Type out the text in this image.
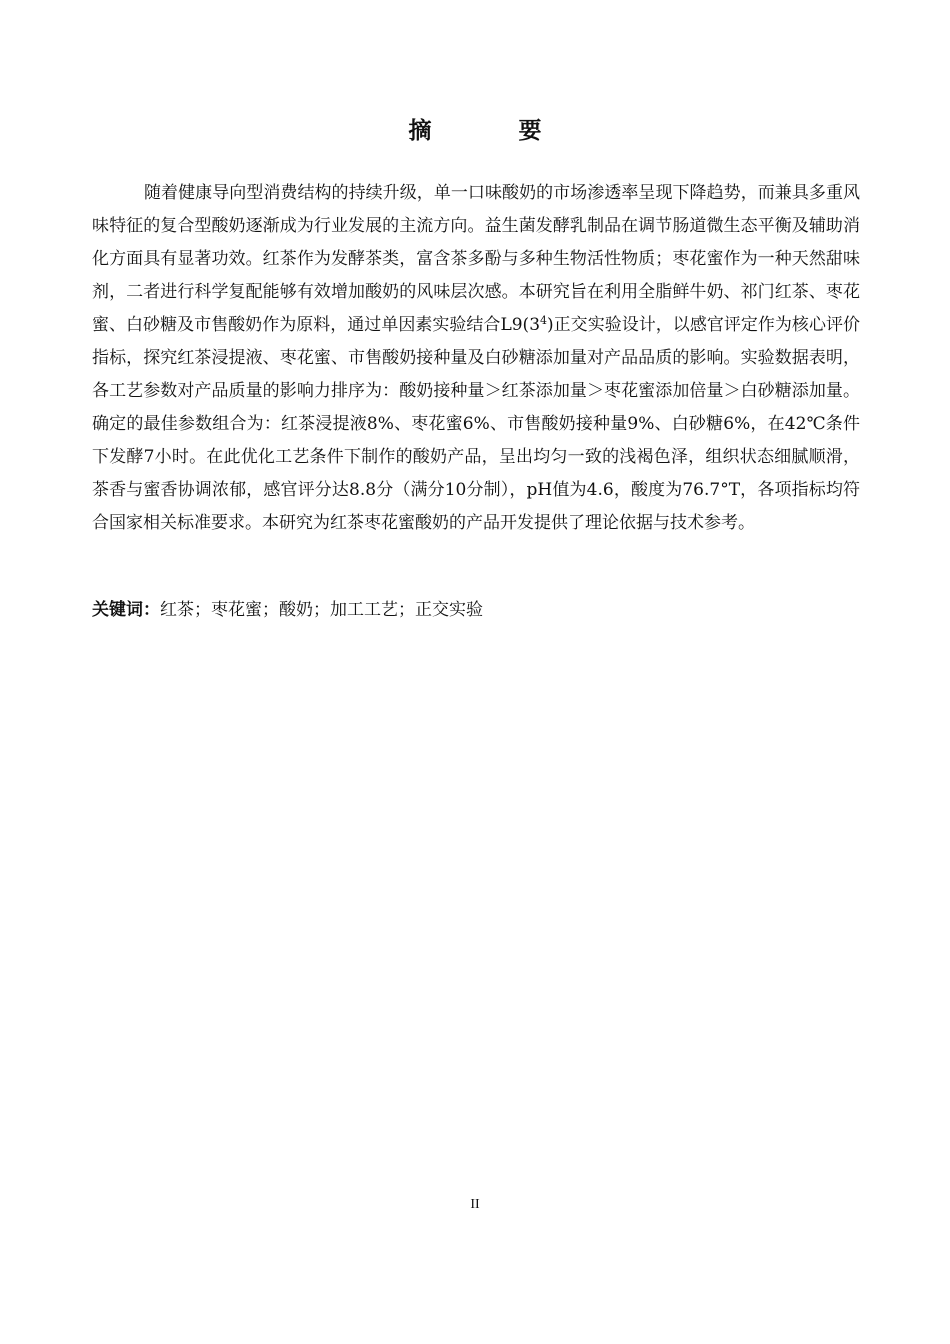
摘　要

随着健康导向型消费结构的持续升级，单一口味酸奶的市场渗透率呈现下降趋势，而兼具多重风味特征的复合型酸奶逐渐成为行业发展的主流方向。益生菌发酵乳制品在调节肠道微生态平衡及辅助消化方面具有显著功效。红茶作为发酵茶类，富含茶多酚与多种生物活性物质；枣花蜜作为一种天然甜味剂，二者进行科学复配能够有效增加酸奶的风味层次感。本研究旨在利用全脂鲜牛奶、祁门红茶、枣花蜜、白砂糖及市售酸奶作为原料，通过单因素实验结合$L9(3^4)$正交实验设计，以感官评定作为核心评价指标，探究红茶浸提液、枣花蜜、市售酸奶接种量及白砂糖添加量对产品品质的影响。实验数据表明，各工艺参数对产品质量的影响力排序为：酸奶接种量＞红茶添加量＞枣花蜜添加倍量＞白砂糖添加量。确定的最佳参数组合为：红茶浸提液8%、枣花蜜6%、市售酸奶接种量9%、白砂糖6%，在42℃条件下发酵7小时。在此优化工艺条件下制作的酸奶产品，呈出均匀一致的浅褐色泽，组织状态细腻顺滑，茶香与蜜香协调浓郁，感官评分达8.8分（满分10分制），pH值为4.6，酸度为76.7°T，各项指标均符合国家相关标准要求。本研究为红茶枣花蜜酸奶的产品开发提供了理论依据与技术参考。

关键词：红茶；枣花蜜；酸奶；加工工艺；正交实验

II
